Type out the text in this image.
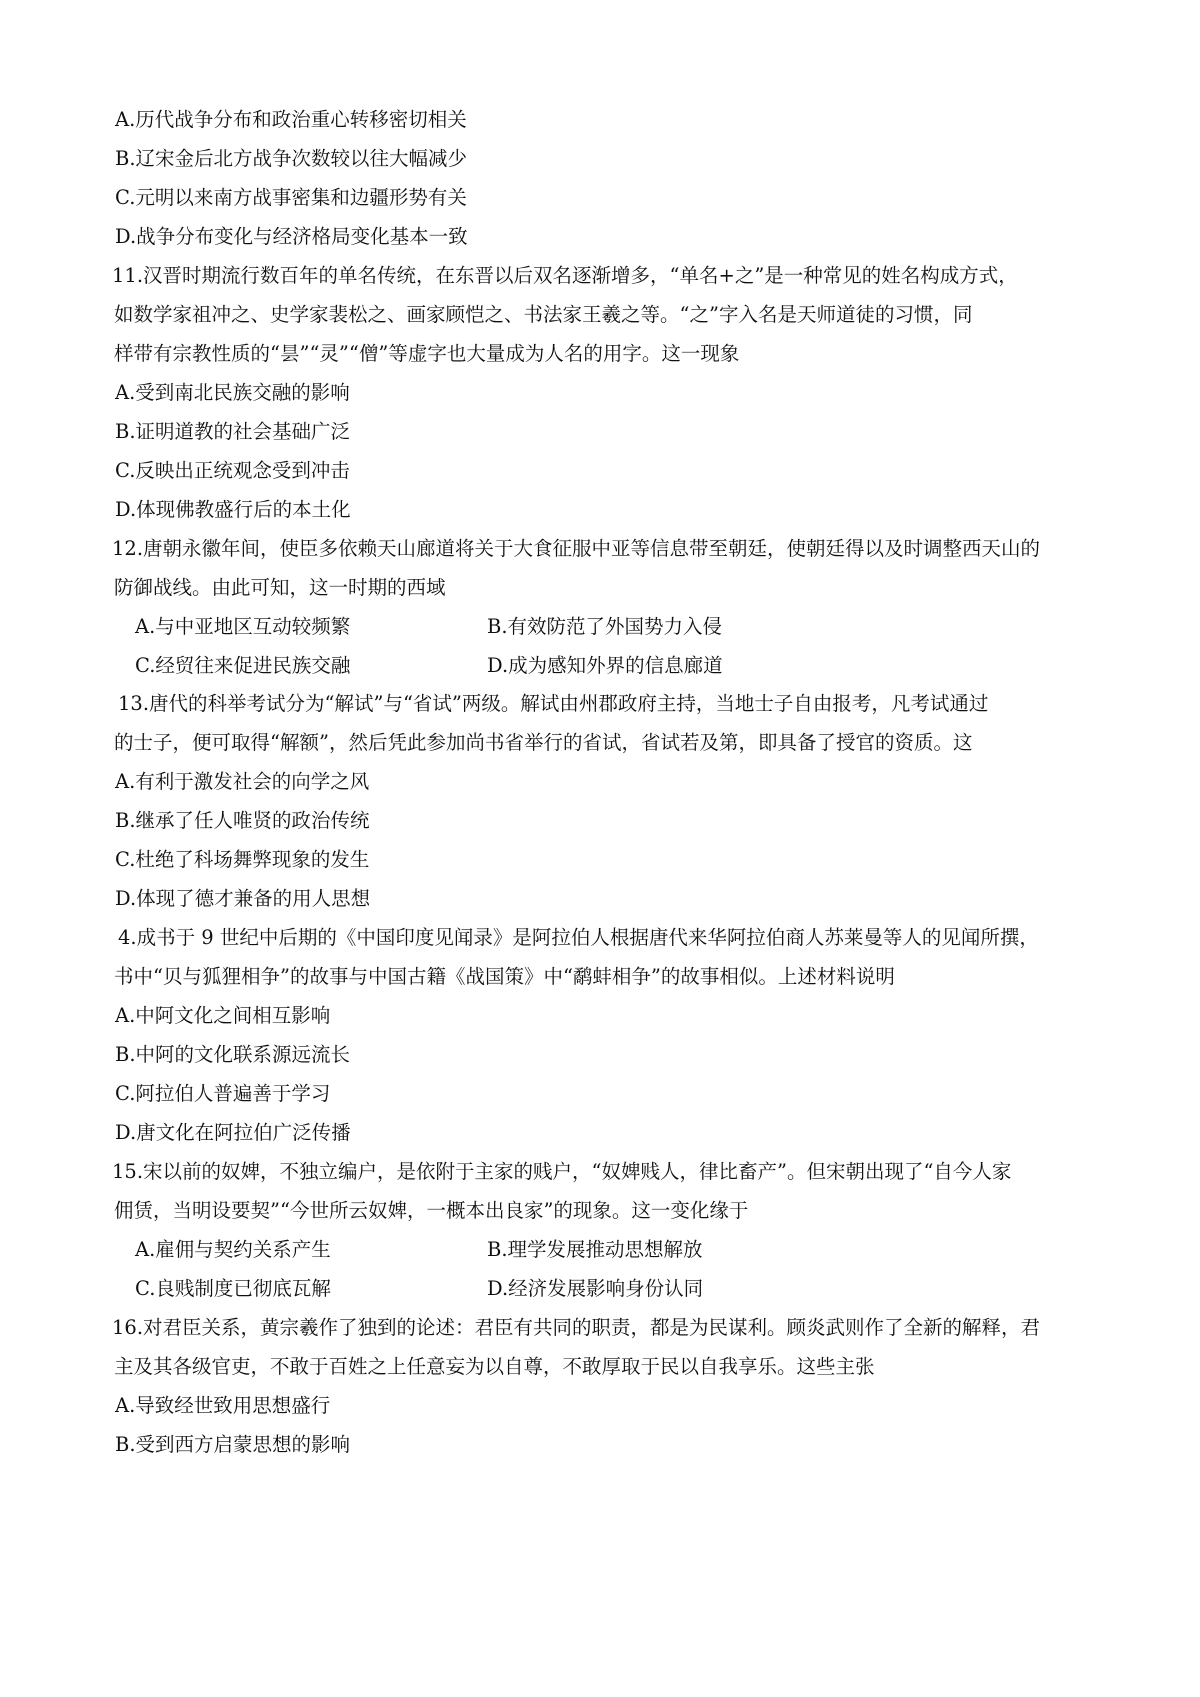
A.历代战争分布和政治重心转移密切相关
B.辽宋金后北方战争次数较以往大幅减少
C.元明以来南方战事密集和边疆形势有关
D.战争分布变化与经济格局变化基本一致
11.汉晋时期流行数百年的单名传统，在东晋以后双名逐渐增多，“单名+之”是一种常见的姓名构成方式，
如数学家祖冲之、史学家裴松之、画家顾恺之、书法家王羲之等。“之”字入名是天师道徒的习惯，同
样带有宗教性质的“昙”“灵”“僧”等虚字也大量成为人名的用字。这一现象
A.受到南北民族交融的影响
B.证明道教的社会基础广泛
C.反映出正统观念受到冲击
D.体现佛教盛行后的本土化
12.唐朝永徽年间，使臣多依赖天山廊道将关于大食征服中亚等信息带至朝廷，使朝廷得以及时调整西天山的
防御战线。由此可知，这一时期的西域
A.与中亚地区互动较频繁	B.有效防范了外国势力入侵
C.经贸往来促进民族交融	D.成为感知外界的信息廊道
13.唐代的科举考试分为“解试”与“省试”两级。解试由州郡政府主持，当地士子自由报考，凡考试通过
的士子，便可取得“解额”，然后凭此参加尚书省举行的省试，省试若及第，即具备了授官的资质。这
A.有利于激发社会的向学之风
B.继承了任人唯贤的政治传统
C.杜绝了科场舞弊现象的发生
D.体现了德才兼备的用人思想
4.成书于 9 世纪中后期的《中国印度见闻录》是阿拉伯人根据唐代来华阿拉伯商人苏莱曼等人的见闻所撰，
书中“贝与狐狸相争”的故事与中国古籍《战国策》中“鹬蚌相争”的故事相似。上述材料说明
A.中阿文化之间相互影响
B.中阿的文化联系源远流长
C.阿拉伯人普遍善于学习
D.唐文化在阿拉伯广泛传播
15.宋以前的奴婢，不独立编户，是依附于主家的贱户，“奴婢贱人，律比畜产”。但宋朝出现了“自今人家
佣赁，当明设要契”“今世所云奴婢，一概本出良家”的现象。这一变化缘于
A.雇佣与契约关系产生	B.理学发展推动思想解放
C.良贱制度已彻底瓦解	D.经济发展影响身份认同
16.对君臣关系，黄宗羲作了独到的论述：君臣有共同的职责，都是为民谋利。顾炎武则作了全新的解释，君
主及其各级官吏，不敢于百姓之上任意妄为以自尊，不敢厚取于民以自我享乐。这些主张
A.导致经世致用思想盛行
B.受到西方启蒙思想的影响
